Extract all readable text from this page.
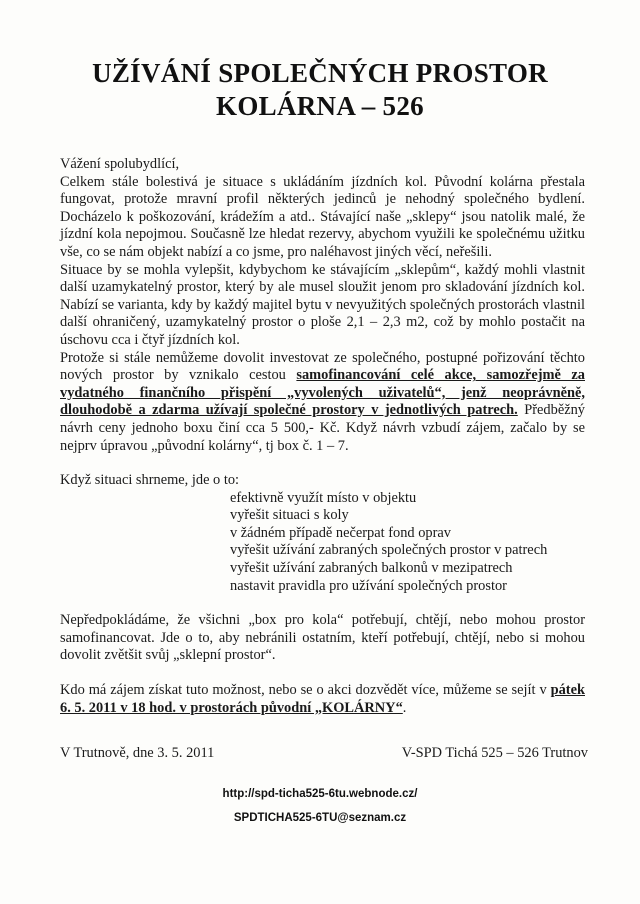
UŽÍVÁNÍ SPOLEČNÝCH PROSTOR
KOLÁRNA – 526

Vážení spolubydlící,

Celkem stále bolestivá je situace s ukládáním jízdních kol. Původní kolárna přestala fungovat, protože mravní profil některých jedinců je nehodný společného bydlení. Docházelo k poškozování, krádežím a atd.. Stávající naše „sklepy“ jsou natolik malé, že jízdní kola nepojmou. Současně lze hledat rezervy, abychom využili ke společnému užitku vše, co se nám objekt nabízí a co jsme, pro naléhavost jiných věcí, neřešili.

Situace by se mohla vylepšit, kdybychom ke stávajícím „sklepům“, každý mohli vlastnit další uzamykatelný prostor, který by ale musel sloužit jenom pro skladování jízdních kol. Nabízí se varianta, kdy by každý majitel bytu v nevyužitých společných prostorách vlastnil další ohraničený, uzamykatelný prostor o ploše 2,1 – 2,3 m2, což by mohlo postačit na úschovu cca i čtyř jízdních kol.

Protože si stále nemůžeme dovolit investovat ze společného, postupné pořizování těchto nových prostor by vznikalo cestou samofinancování celé akce, samozřejmě za vydatného finančního přispění „vyvolených uživatelů“, jenž neoprávněně, dlouhodobě a zdarma užívají společné prostory v jednotlivých patrech. Předběžný návrh ceny jednoho boxu činí cca 5 500,- Kč. Když návrh vzbudí zájem, začalo by se nejprv úpravou „původní kolárny“, tj box č. 1 – 7.

Když situaci shrneme, jde o to:

efektivně využít místo v objektu
vyřešit situaci s koly
v žádném případě nečerpat fond oprav
vyřešit užívání zabraných společných prostor v patrech
vyřešit užívání zabraných balkonů v mezipatrech
nastavit pravidla pro užívání společných prostor

Nepředpokládáme, že všichni „box pro kola“ potřebují, chtějí, nebo mohou prostor samofinancovat. Jde o to, aby nebránili ostatním, kteří potřebují, chtějí, nebo si mohou dovolit zvětšit svůj „sklepní prostor“.

Kdo má zájem získat tuto možnost, nebo se o akci dozvědět více, můžeme se sejít v pátek 6. 5. 2011 v 18 hod. v prostorách původní „KOLÁRNY“.

V Trutnově, dne 3. 5. 2011	V-SPD Tichá 525 – 526 Trutnov
http://spd-ticha525-6tu.webnode.cz/
SPDTICHA525-6TU@seznam.cz
